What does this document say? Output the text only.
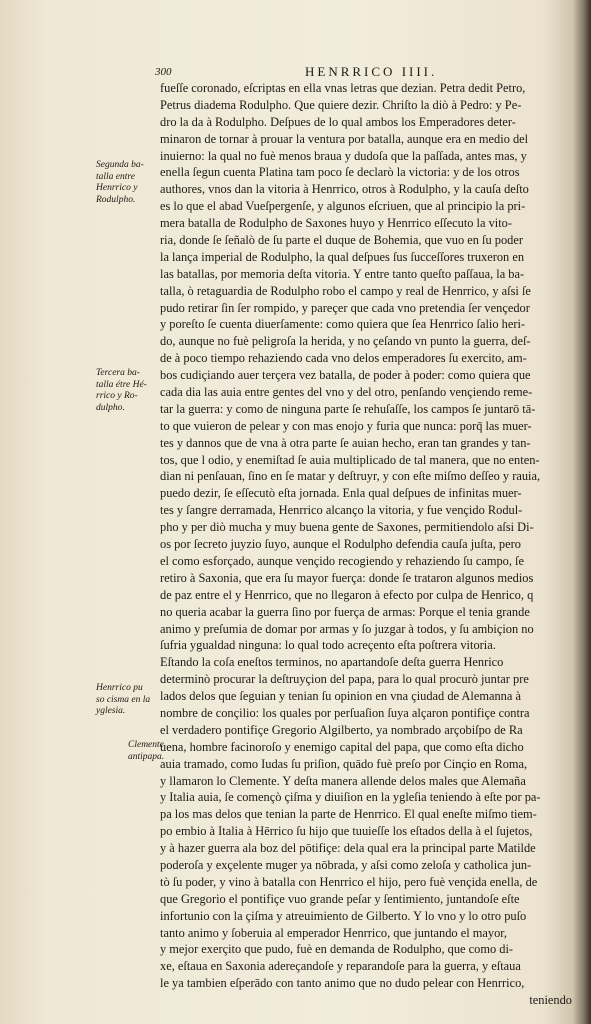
300	HENRRICO IIII.
Segunda ba-
talla entre
Henrrico y
Rodulpho.
Tercera ba-
talla étre Hé-
rrico y Ro-
dulpho.
Henrrico pu
so cisma en la
yglesia.
Clemente
antipapa.
fueſſe coronado, eſcriptas en ella vnas letras que dezian. Petra dedit Petro,
Petrus diadema Rodulpho. Que quiere dezir. Chriſto la diò à Pedro: y Pe-
dro la da à Rodulpho. Deſpues de lo qual ambos los Emperadores deter-
minaron de tornar à prouar la ventura por batalla, aunque era en medio del
inuierno: la qual no fuè menos braua y dudoſa que la paſſada, antes mas, y
enella ſegun cuenta Platina tam poco ſe declarò la victoria: y de los otros
authores, vnos dan la vitoria à Henrrico, otros à Rodulpho, y la cauſa deſto
es lo que el abad Vueſpergenſe, y algunos eſcriuen, que al principio la pri-
mera batalla de Rodulpho de Saxones huyo y Henrrico eſſecuto la vito-
ria, donde ſe ſeñalò de ſu parte el duque de Bohemia, que vuo en ſu poder
la lança imperial de Rodulpho, la qual deſpues ſus ſucceſſores truxeron en
las batallas, por memoria deſta vitoria. Y entre tanto queſto paſſaua, la ba-
talla, ò retaguardia de Rodulpho robo el campo y real de Henrrico, y aſsi ſe
pudo retirar ſin ſer rompido, y pareçer que cada vno pretendia ſer vençedor
y poreſto ſe cuenta diuerſamente: como quiera que ſea Henrrico ſalio heri-
do, aunque no fuè peligroſa la herida, y no çeſando vn punto la guerra, deſ-
de à poco tiempo rehaziendo cada vno delos emperadores ſu exercito, am-
bos cudiçiando auer terçera vez batalla, de poder à poder: como quiera que
cada dia las auia entre gentes del vno y del otro, penſando vençiendo reme-
tar la guerra: y como de ninguna parte ſe rehuſaſſe, los campos ſe juntarō tā-
to que vuieron de pelear y con mas enojo y furia que nunca: porq̄ las muer-
tes y dannos que de vna à otra parte ſe auian hecho, eran tan grandes y tan-
tos, que l odio, y enemiſtad ſe auia multiplicado de tal manera, que no enten-
dian ni penſauan, ſino en ſe matar y deſtruyr, y con eſte miſmo deſſeo y rauia,
puedo dezir, ſe eſſecutò eſta jornada. Enla qual deſpues de infinitas muer-
tes y ſangre derramada, Henrrico alcanço la vitoria, y fue vençido Rodul-
pho y per diò mucha y muy buena gente de Saxones, permitiendolo aſsi Di-
os por ſecreto juyzio ſuyo, aunque el Rodulpho defendia cauſa juſta, pero
el como esforçado, aunque vençido recogiendo y rehaziendo ſu campo, ſe
retiro à Saxonia, que era ſu mayor fuerça: donde ſe trataron algunos medios
de paz entre el y Henrrico, que no llegaron à efecto por culpa de Henrico, q
no queria acabar la guerra ſino por fuerça de armas: Porque el tenia grande
animo y preſumia de domar por armas y ſo juzgar à todos, y ſu ambiçion no
ſufria ygualdad ninguna: lo qual todo acreçento eſta poſtrera vitoria.
Eſtando la coſa eneſtos terminos, no apartandoſe deſta guerra Henrico
determinò procurar la deſtruyçion del papa, para lo qual procurò juntar pre
lados delos que ſeguian y tenian ſu opinion en vna çiudad de Alemanna à
nombre de conçilio: los quales por perſuaſion ſuya alçaron pontifiçe contra
el verdadero pontifiçe Gregorio Algilberto, ya nombrado arçobiſpo de Ra
uena, hombre facinoroſo y enemigo capital del papa, que como eſta dicho
auia tramado, como Iudas ſu priſion, quādo fuè preſo por Cinçio en Roma,
y llamaron lo Clemente. Y deſta manera allende delos males que Alemaña
y Italia auia, ſe començò çiſma y diuiſion en la ygleſia teniendo à eſte por pa-
pa los mas delos que tenian la parte de Henrrico. El qual eneſte miſmo tiem-
po embio à Italia à Hērrico ſu hijo que tuuieſſe los eſtados della à el ſujetos,
y à hazer guerra ala boz del pōtifiçe: dela qual era la principal parte Matilde
poderoſa y exçelente muger ya nōbrada, y aſsi como zeloſa y catholica jun-
tò ſu poder, y vino à batalla con Henrrico el hijo, pero fuè vençida enella, de
que Gregorio el pontifiçe vuo grande peſar y ſentimiento, juntandoſe eſte
infortunio con la çiſma y atreuimiento de Gilberto. Y lo vno y lo otro puſo
tanto animo y ſoberuia al emperador Henrrico, que juntando el mayor,
y mejor exerçito que pudo, fuè en demanda de Rodulpho, que como di-
xe, eſtaua en Saxonia adereçandoſe y reparandoſe para la guerra, y eſtaua
le ya tambien eſperādo con tanto animo que no dudo pelear con Henrrico,
teniendo
